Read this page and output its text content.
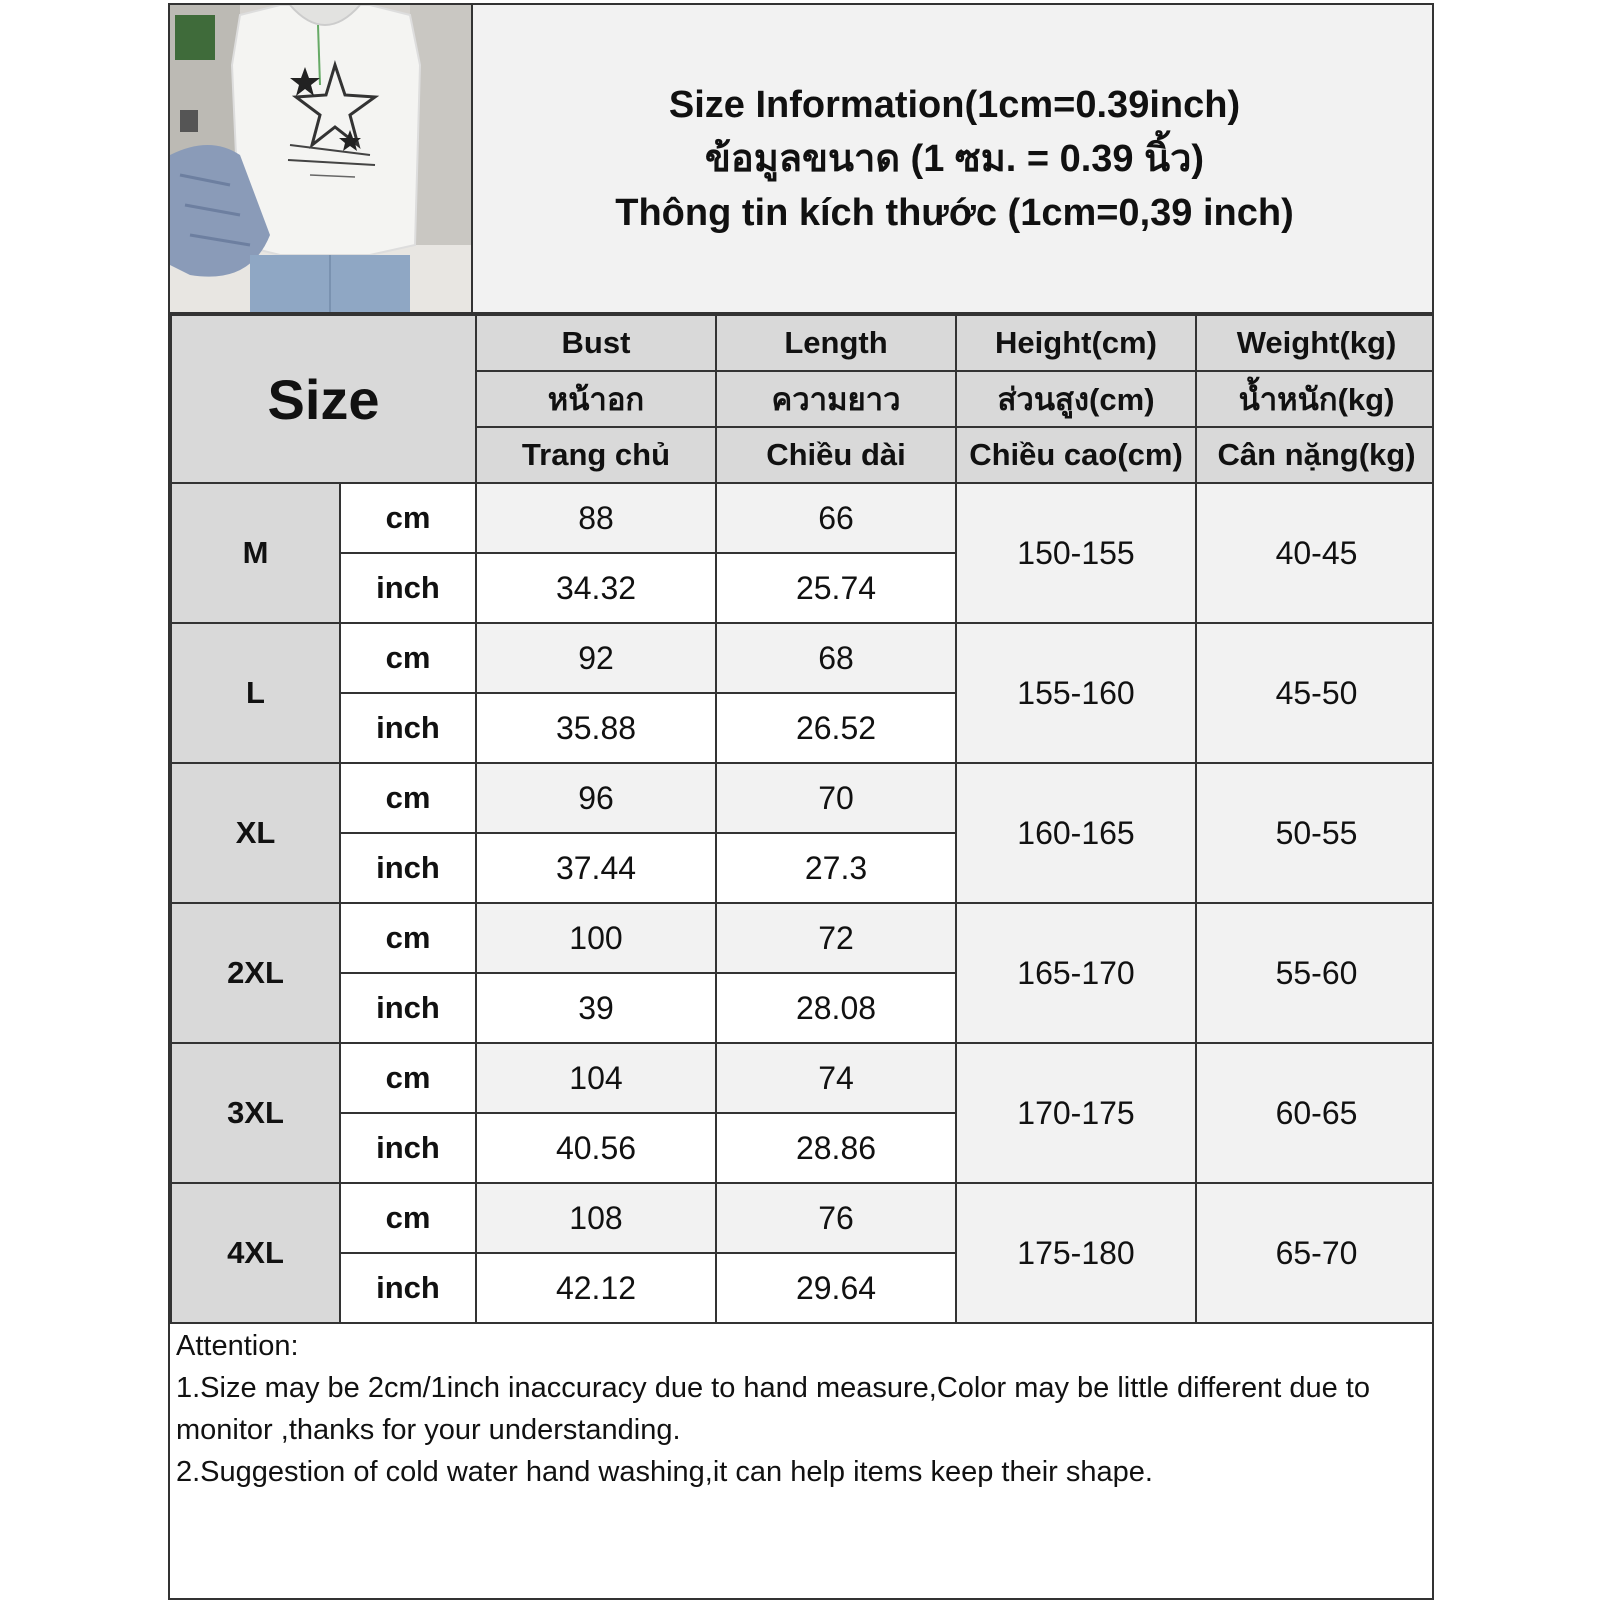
Size Information(1cm=0.39inch)
ข้อมูลขนาด (1 ซม. = 0.39 นิ้ว)
Thông tin kích thước (1cm=0,39 inch)
Size		Bust	Length	Height(cm)	Weight(kg)
		หน้าอก	ความยาว	ส่วนสูง(cm)	น้ำหนัก(kg)
		Trang chủ	Chiều dài	Chiều cao(cm)	Cân nặng(kg)
M	cm	88	66	150-155	40-45
	inch	34.32	25.74		
L	cm	92	68	155-160	45-50
	inch	35.88	26.52		
XL	cm	96	70	160-165	50-55
	inch	37.44	27.3		
2XL	cm	100	72	165-170	55-60
	inch	39	28.08		
3XL	cm	104	74	170-175	60-65
	inch	40.56	28.86		
4XL	cm	108	76	175-180	65-70
	inch	42.12	29.64		

Attention:

1.Size may be 2cm/1inch inaccuracy due to hand measure,Color may be little different due to monitor ,thanks for your understanding.

2.Suggestion of cold water hand washing,it can help items keep their shape.
